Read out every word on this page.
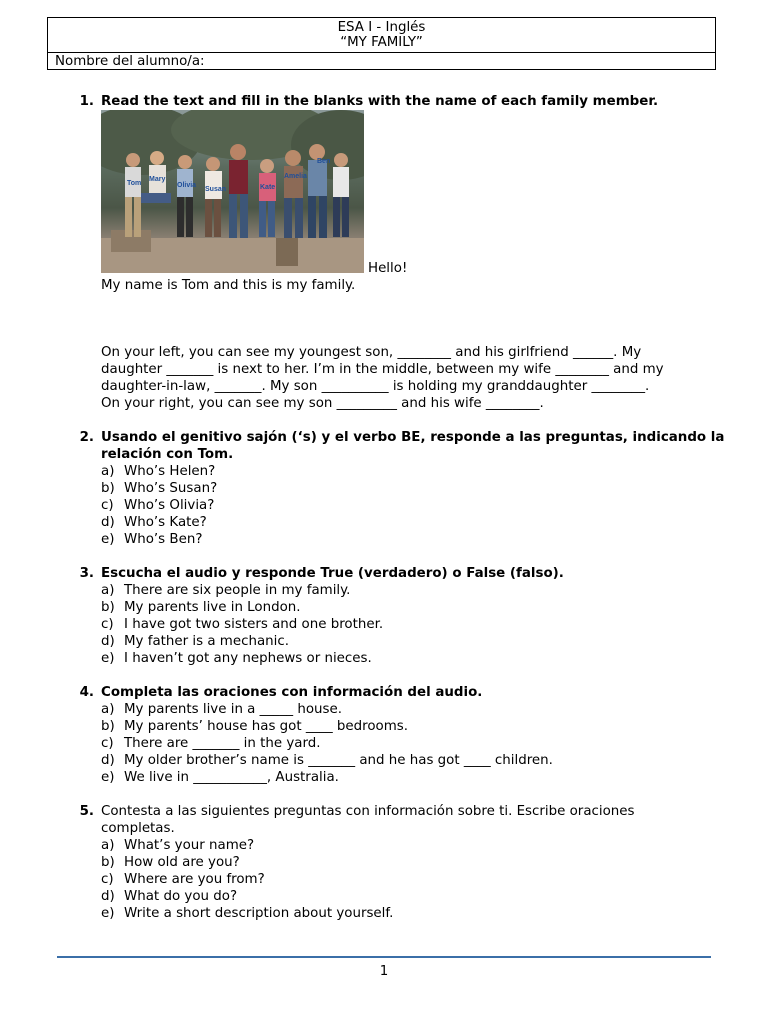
ESA I - Inglés
“MY FAMILY”
Nombre del alumno/a:
1. Read the text and fill in the blanks with the name of each family member.
Tom
Mary
Olivia
Susan	Kate
Amelia
Ben
Hello!
My name is Tom and this is my family.
On your left, you can see my youngest son, ________ and his girlfriend ______. My
daughter _______ is next to her. I’m in the middle, between my wife ________ and my
daughter-in-law, _______. My son __________ is holding my granddaughter ________.
On your right, you can see my son _________ and his wife ________.
2. Usando el genitivo sajón (‘s) y el verbo BE, responde a las preguntas, indicando la
relación con Tom.
a) Who’s Helen?
b) Who’s Susan?
c) Who’s Olivia?
d) Who’s Kate?
e) Who’s Ben?
3. Escucha el audio y responde True (verdadero) o False (falso).
a) There are six people in my family.
b) My parents live in London.
c) I have got two sisters and one brother.
d) My father is a mechanic.
e) I haven’t got any nephews or nieces.
4. Completa las oraciones con información del audio.
a) My parents live in a _____ house.
b) My parents’ house has got ____ bedrooms.
c) There are _______ in the yard.
d) My older brother’s name is _______ and he has got ____ children.
e) We live in ___________, Australia.
5. Contesta a las siguientes preguntas con información sobre ti. Escribe oraciones
completas.
a) What’s your name?
b) How old are you?
c) Where are you from?
d) What do you do?
e) Write a short description about yourself.
1
